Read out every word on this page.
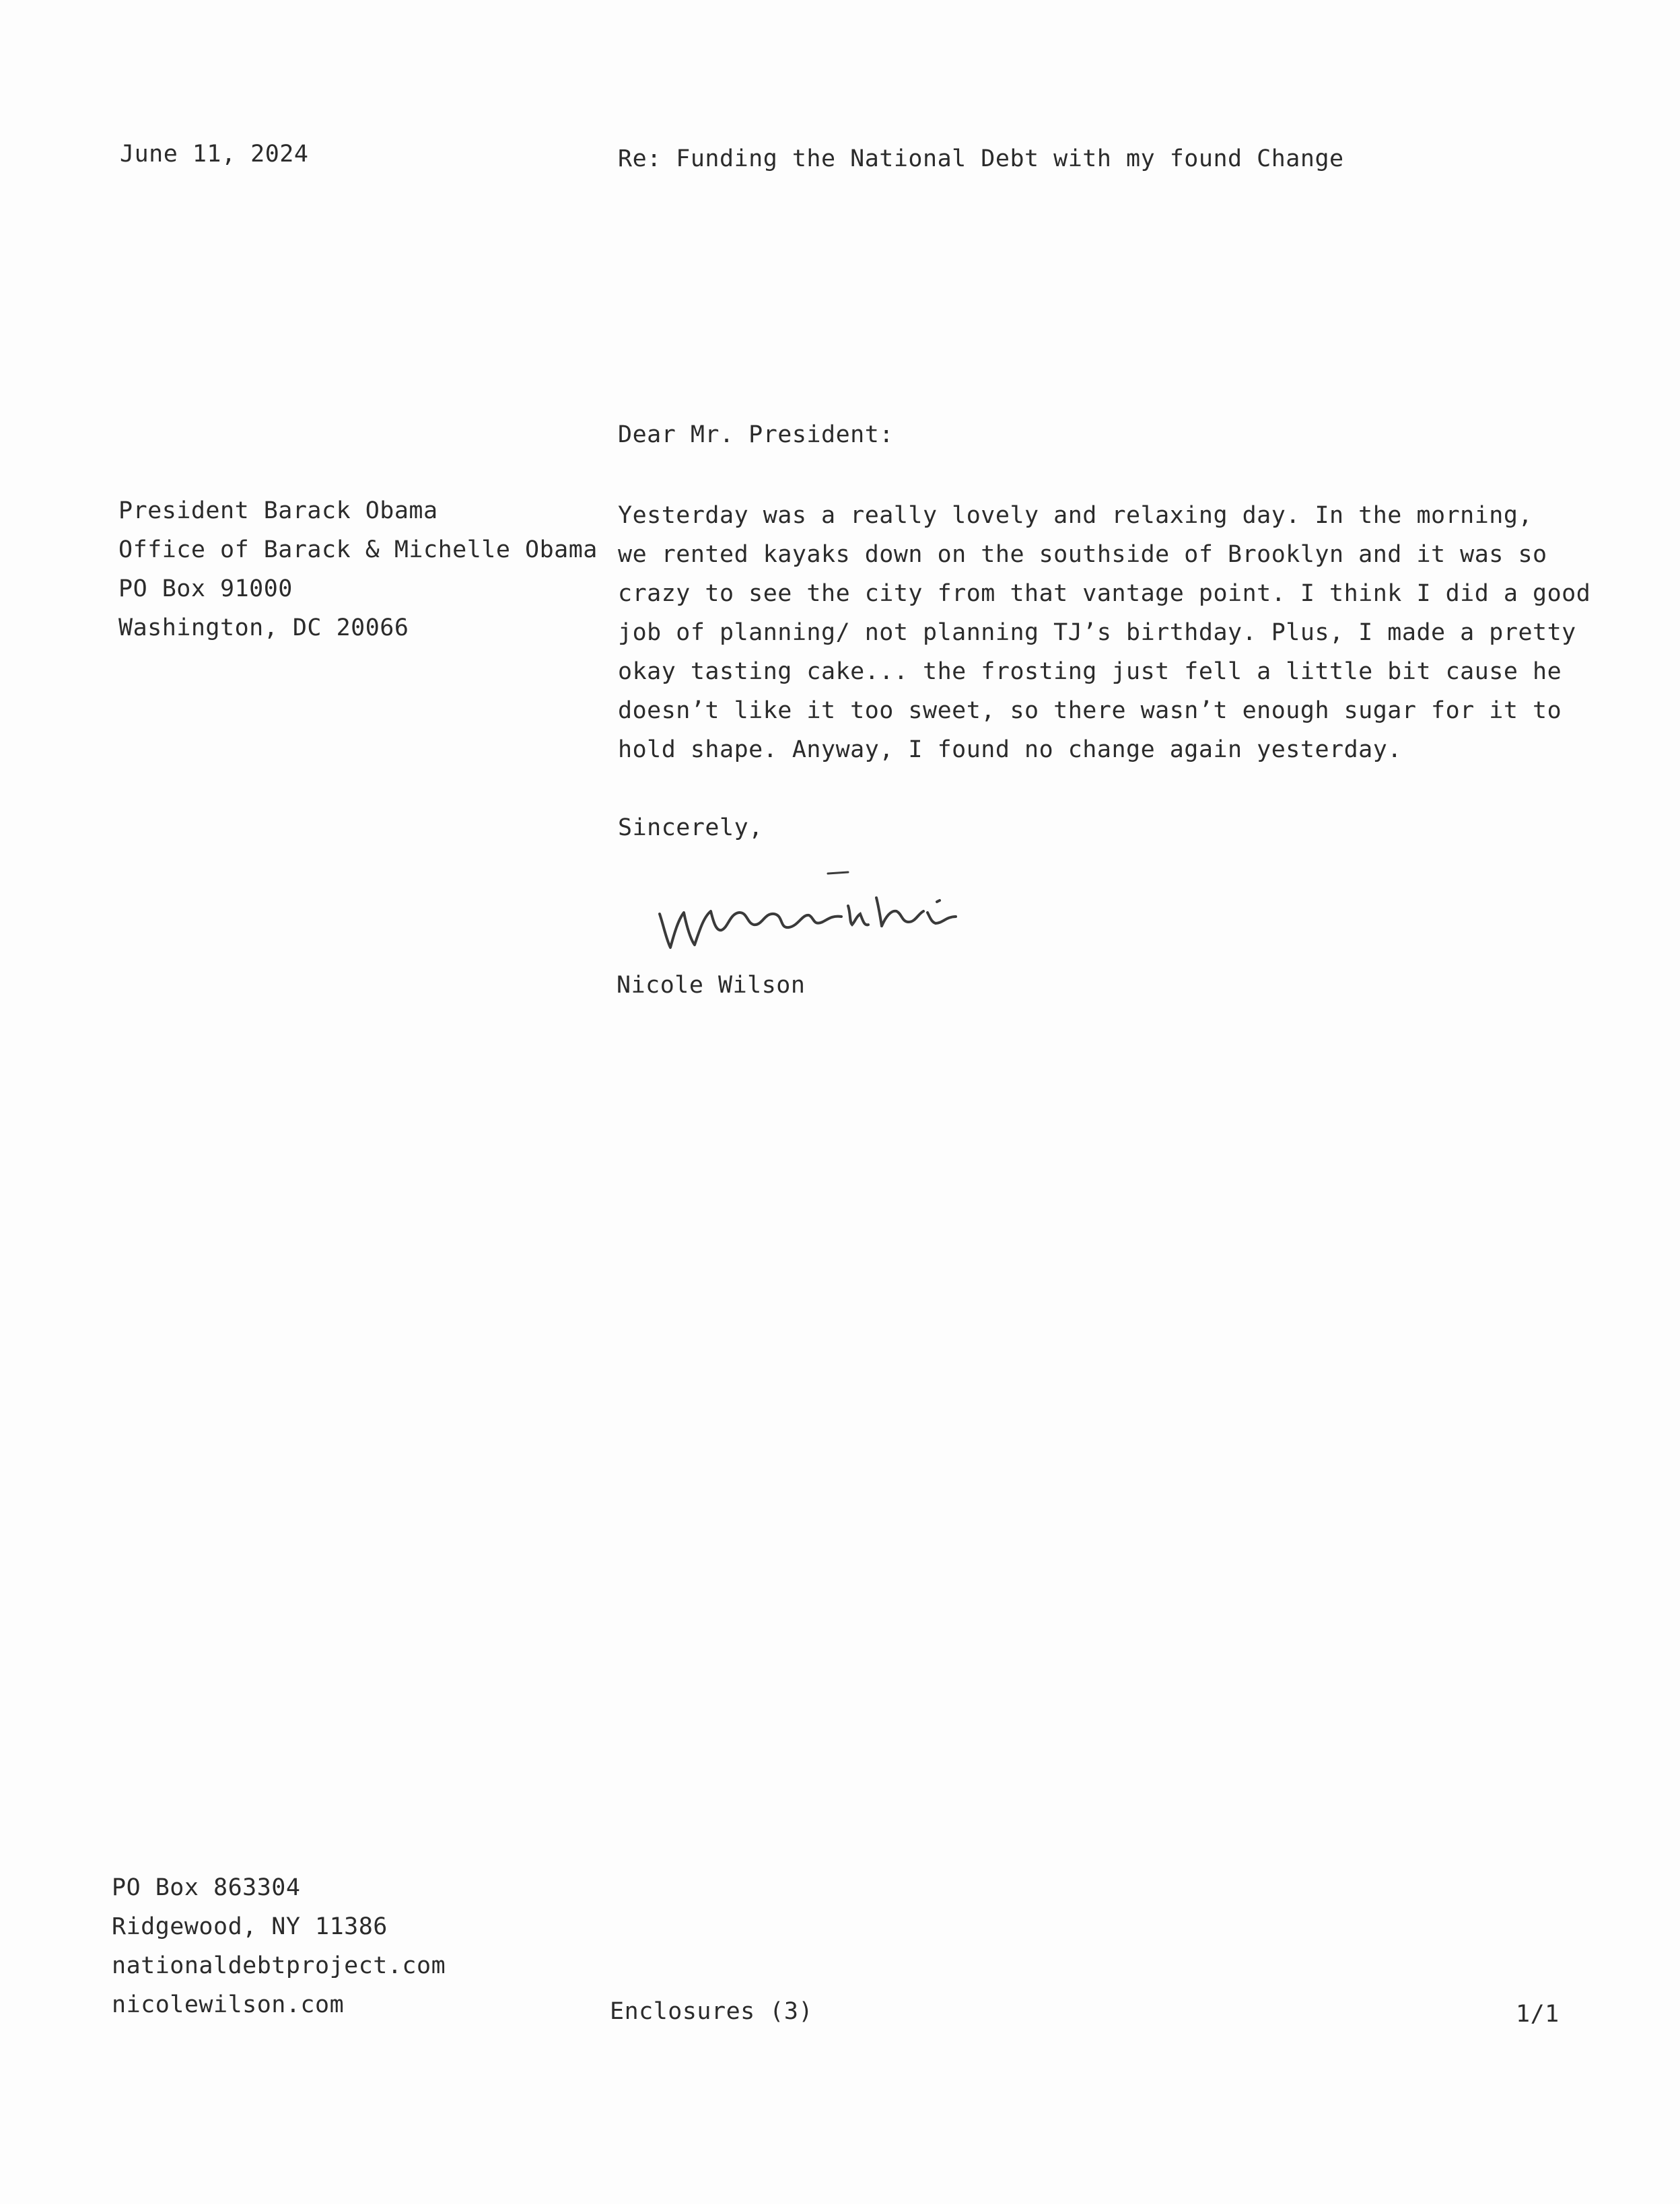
June 11, 2024	Re: Funding the National Debt with my found Change
Dear Mr. President:
President Barack Obama
Office of Barack & Michelle Obama
PO Box 91000
Washington, DC 20066
Yesterday was a really lovely and relaxing day. In the morning,
we rented kayaks down on the southside of Brooklyn and it was so
crazy to see the city from that vantage point. I think I did a good
job of planning/ not planning TJ’s birthday. Plus, I made a pretty
okay tasting cake... the frosting just fell a little bit cause he
doesn’t like it too sweet, so there wasn’t enough sugar for it to
hold shape. Anyway, I found no change again yesterday.
Sincerely,
Nicole Wilson
PO Box 863304
Ridgewood, NY 11386
nationaldebtproject.com
nicolewilson.com	Enclosures (3)	1/1
